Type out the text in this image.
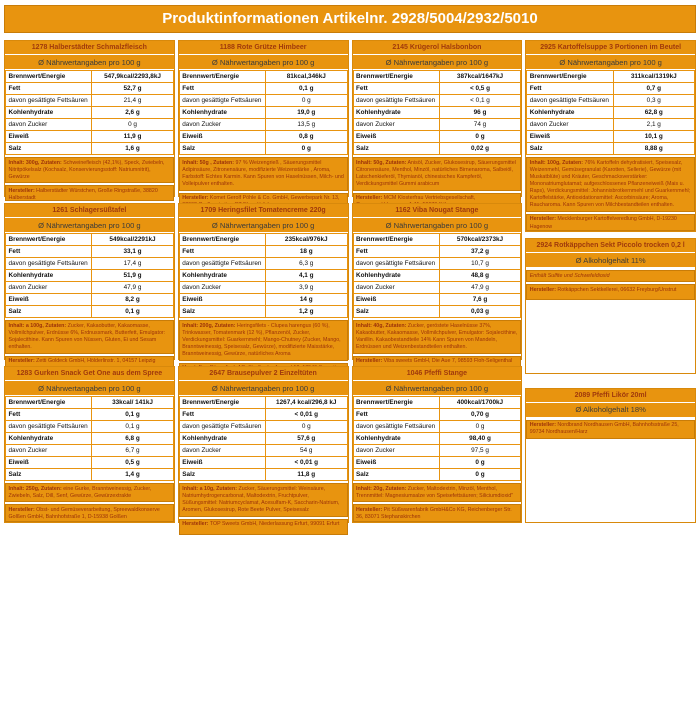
Produktinformationen Artikelnr. 2928/5004/2932/5010
1278 Halberstädter Schmalzfleisch
Ø Nährwertangaben pro 100 g
Brennwert/Energie	547,9kcal/2293,8kJ
Fett	52,7 g
davon gesättigte Fettsäuren	21,4 g
Kohlenhydrate	2,6 g
davon Zucker	0 g
Eiweiß	11,9 g
Salz	1,6 g
Inhalt: 300g, Zutaten: Schweinefleisch (42,1%), Speck, Zwiebeln, Nitritpökelsalz (Kochsalz, Konservierungsstoff: Natriumnitrit), Gewürze
Hersteller: Halberstädter Würstchen, Große Ringstraße, 38820 Halberstadt
1261 Schlagersüßtafel
Ø Nährwertangaben pro 100 g
Brennwert/Energie	549kcal/2291kJ
Fett	33,1 g
davon gesättigte Fettsäuren	17,4 g
Kohlenhydrate	51,9 g
davon Zucker	47,9 g
Eiweiß	8,2 g
Salz	0,1 g
Inhalt: a 100g, Zutaten: Zucker, Kakaobutter, Kakaomasse, Vollmilchpulver, Erdnüsse 6%, Erdnussmark, Butterfett, Emulgator: Sojalecithine. Kann Spuren von Nüssen, Gluten, Ei und Sesam enthalten.
Hersteller: Zetti Goldeck GmbH, Hölderlinstr. 1, 04157 Leipzig
1283 Gurken Snack Get One aus dem Spree
Ø Nährwertangaben pro 100 g
Brennwert/Energie	33kcal/ 141kJ
Fett	0,1 g
davon gesättigte Fettsäuren	0,1 g
Kohlenhydrate	6,8 g
davon Zucker	6,7 g
Eiweiß	0,5 g
Salz	1,4 g
Inhalt: 250g, Zutaten: eine Gurke, Branntweinessig, Zucker, Zwiebeln, Salz, Dill, Senf, Gewürze, Gewürzextrakte
Hersteller: Obst- und Gemüseverarbeitung, Spreewaldkonserve Golßen GmbH, Bahnhofstraße 1, D-15938 Golßen
1188 Rote Grütze Himbeer
Ø Nährwertangaben pro 100 g
Brennwert/Energie	81kcal,346kJ
Fett	0,1 g
davon gesättigte Fettsäuren	0 g
Kohlenhydrate	19,0 g
davon Zucker	13,5 g
Eiweiß	0,8 g
Salz	0 g
Inhalt: 50g , Zutaten: 97 % Weizengrieß , Säuerungsmittel Adipinsäure, Zitronensäure, modifizierte Weizenstärke , Aroma, Farbstoff: Echtes Karmin. Kann Spuren von Haselnüssen, Milch- und Volleipulver enthalten.
Hersteller: Komet Gerolf Pöhle & Co. GmbH, Gewerbepark Nr. 13,
1709 Heringsfilet Tomatencreme 220g
Ø Nährwertangaben pro 100 g
Brennwert/Energie	235kcal/976kJ
Fett	18 g
davon gesättigte Fettsäuren	6,3 g
Kohlenhydrate	4,1 g
davon Zucker	3,9 g
Eiweiß	14 g
Salz	1,2 g
Inhalt: 200g, Zutaten: Heringsfilets - Clupea harengus (60 %), Trinkwasser, Tomatenmark (12 %), Pflanzenöl, Zucker, Verdickungsmittel: Guarkernmehl; Mango-Chutney (Zucker, Mango, Branntweinessig, Speisesalz, Gewürze), modifizierte Maisstärke, Branntweinessig, Gewürze, natürliches Aroma
2647 Brausepulver 2 Einzeltüten
Ø Nährwertangaben pro 100 g
Brennwert/Energie	1267,4 kcal/296,8 kJ
Fett	< 0,01 g
davon gesättigte Fettsäuren	0 g
Kohlenhydrate	57,6 g
davon Zucker	54 g
Eiweiß	< 0,01 g
Salz	11,8 g
Inhalt: a 10g, Zutaten: Zucker, Säuerungsmittel: Weinsäure, Natriumhydrogencarbonat, Maltodextrin, Fruchtpulver, Süßungsmittel: Natriumcyclamat, Acesulfam-K, Saccharin-Natrium, Aromen, Glukosesirup, Rote Beete Pulver, Speisesalz
Hersteller: TOP Sweets GmbH, Niederlassung Erfurt, 99091 Erfurt
2145 Krügerol Halsbonbon
Ø Nährwertangaben pro 100 g
Brennwert/Energie	387kcal/1647kJ
Fett	< 0,5 g
davon gesättigte Fettsäuren	< 0,1 g
Kohlenhydrate	96 g
davon Zucker	74 g
Eiweiß	0 g
Salz	0,02 g
Inhalt: 50g, Zutaten: Anisöl, Zucker, Glukosesirup, Säuerungsmittel Citronensäure, Menthol, Minzöl, natürliches Birnenaroma, Salbeiöl, Latschenkieferöl, Thymianöl, chinesisches Kampferöl, Verdickungsmittel Gummi arabicum
Hersteller: MCM Klosterfrau Vertriebsgesellschaft,
1162 Viba Nougat Stange
Ø Nährwertangaben pro 100 g
Brennwert/Energie	570kcal/2373kJ
Fett	37,2 g
davon gesättigte Fettsäuren	10,7 g
Kohlenhydrate	48,8 g
davon Zucker	47,9 g
Eiweiß	7,6 g
Salz	0,03 g
Inhalt: 40g, Zutaten: Zucker, geröstete Haselnüsse 37%, Kakaobutter, Kakaomasse, Vollmilchpulver, Emulgator: Sojalecithine, Vanillin. Kakaobestandteile 14% Kann Spuren von Mandeln, Erdnüssen und Weizenbestandteilen enthalten.
Hersteller: Viba sweets GmbH, Die Aue 7, 98593 Floh-Seligenthal
1046 Pfeffi Stange
Ø Nährwertangaben pro 100 g
Brennwert/Energie	400kcal/1700kJ
Fett	0,70 g
davon gesättigte Fettsäuren	0 g
Kohlenhydrate	98,40 g
davon Zucker	97,5 g
Eiweiß	0 g
Salz	0 g
Inhalt: 20g, Zutaten: Zucker, Maltodextrin, Minzöl, Menthol, Trennmittel: Magnesiumsalze von Speisefettsäuren; Siliciumdioxid"
Hersteller: Pit Süßwarenfabrik GmbH&Co KG, Reichenberger Str. 36, 83071 Stephanskirchen
2925 Kartoffelsuppe 3 Portionen im Beutel
Ø Nährwertangaben pro 100 g
Brennwert/Energie	311kcal/1319kJ
Fett	0,7 g
davon gesättigte Fettsäuren	0,3 g
Kohlenhydrate	62,8 g
davon Zucker	2,1 g
Eiweiß	10,1 g
Salz	8,88 g
Inhalt: 100g, Zutaten: 76% Kartoffeln dehydratisiert, Speisesalz, Weizenmehl, Gemüsegranulat (Karotten, Sellerie), Gewürze (mit Muskatblüte) und Kräuter, Geschmacksverstärker: Mononatriumglutamat; aufgeschlossenes Pflanzeneiweiß (Mais u. Raps), Verdickungsmittel: Johannisbrotkernmehl und Guarkernmehl; Kartoffelstärke, Antioxidationsmittel: Ascorbinsäure; Aroma, Raucharoma. Kann Spuren von Milchbestandteilen enthalten.
Hersteller: Mecklenburger Kartoffelveredlung GmbH, D-19230 Hagenow
2924 Rotkäppchen Sekt Piccolo trocken 0,2 l
Ø Alkoholgehalt 11%
Enthält Sulfite und Schwefeldioxid
Hersteller: Rotkäppchen Sektkellerei, 06632 Freyburg/Unstrut
2089 Pfeffi Likör 20ml
Ø Alkoholgehalt 18%
Hersteller: Nordbrand Nordhausen GmbH, Bahnhofsstraße 25, 99734 Nordhausen/Harz
